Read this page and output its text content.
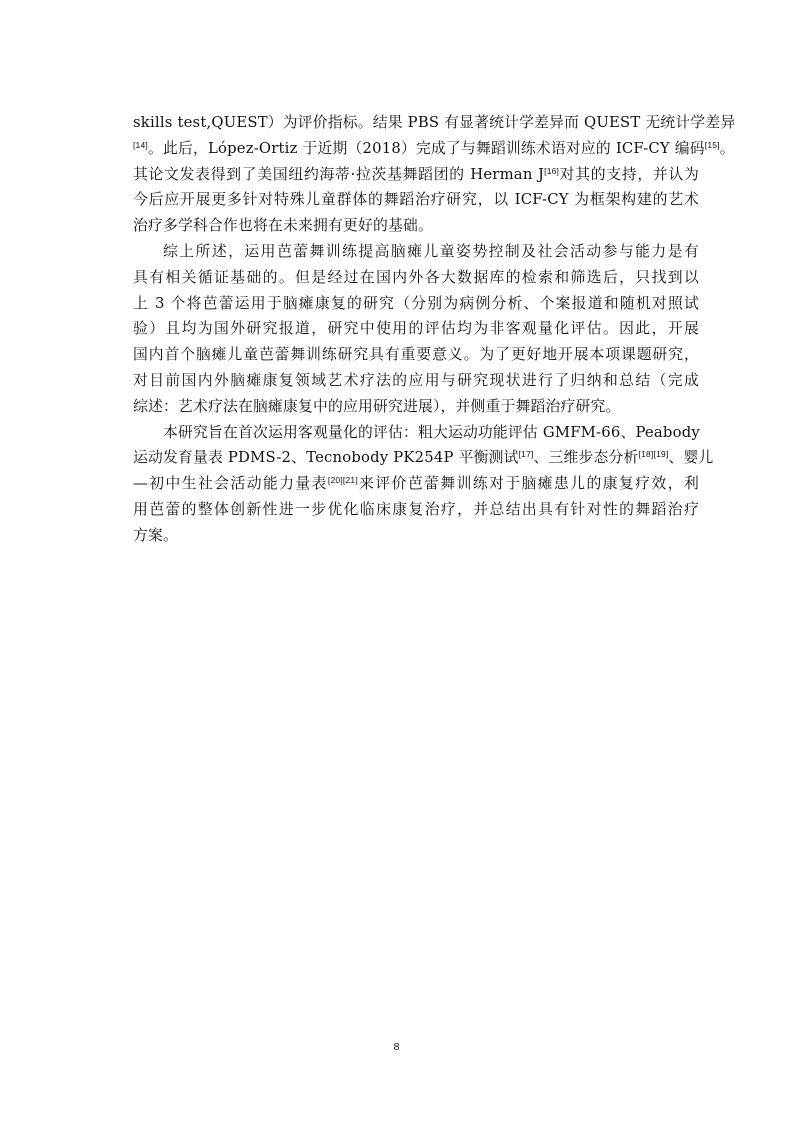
skills test,QUEST）为评价指标。结果 PBS 有显著统计学差异而 QUEST 无统计学差异
[14]。此后，López-Ortiz 于近期（2018）完成了与舞蹈训练术语对应的 ICF-CY 编码[15]。
其论文发表得到了美国纽约海蒂·拉茨基舞蹈团的 Herman J[16]对其的支持，并认为
今后应开展更多针对特殊儿童群体的舞蹈治疗研究，以 ICF-CY 为框架构建的艺术
治疗多学科合作也将在未来拥有更好的基础。
综上所述，运用芭蕾舞训练提高脑瘫儿童姿势控制及社会活动参与能力是有
具有相关循证基础的。但是经过在国内外各大数据库的检索和筛选后，只找到以
上 3 个将芭蕾运用于脑瘫康复的研究（分别为病例分析、个案报道和随机对照试
验）且均为国外研究报道，研究中使用的评估均为非客观量化评估。因此，开展
国内首个脑瘫儿童芭蕾舞训练研究具有重要意义。为了更好地开展本项课题研究，
对目前国内外脑瘫康复领域艺术疗法的应用与研究现状进行了归纳和总结（完成
综述：艺术疗法在脑瘫康复中的应用研究进展），并侧重于舞蹈治疗研究。
本研究旨在首次运用客观量化的评估：粗大运动功能评估 GMFM-66、Peabody
运动发育量表 PDMS-2、Tecnobody PK254P 平衡测试[17]、三维步态分析[18][19]、婴儿
—初中生社会活动能力量表[20][21]来评价芭蕾舞训练对于脑瘫患儿的康复疗效，利
用芭蕾的整体创新性进一步优化临床康复治疗，并总结出具有针对性的舞蹈治疗
方案。
8
